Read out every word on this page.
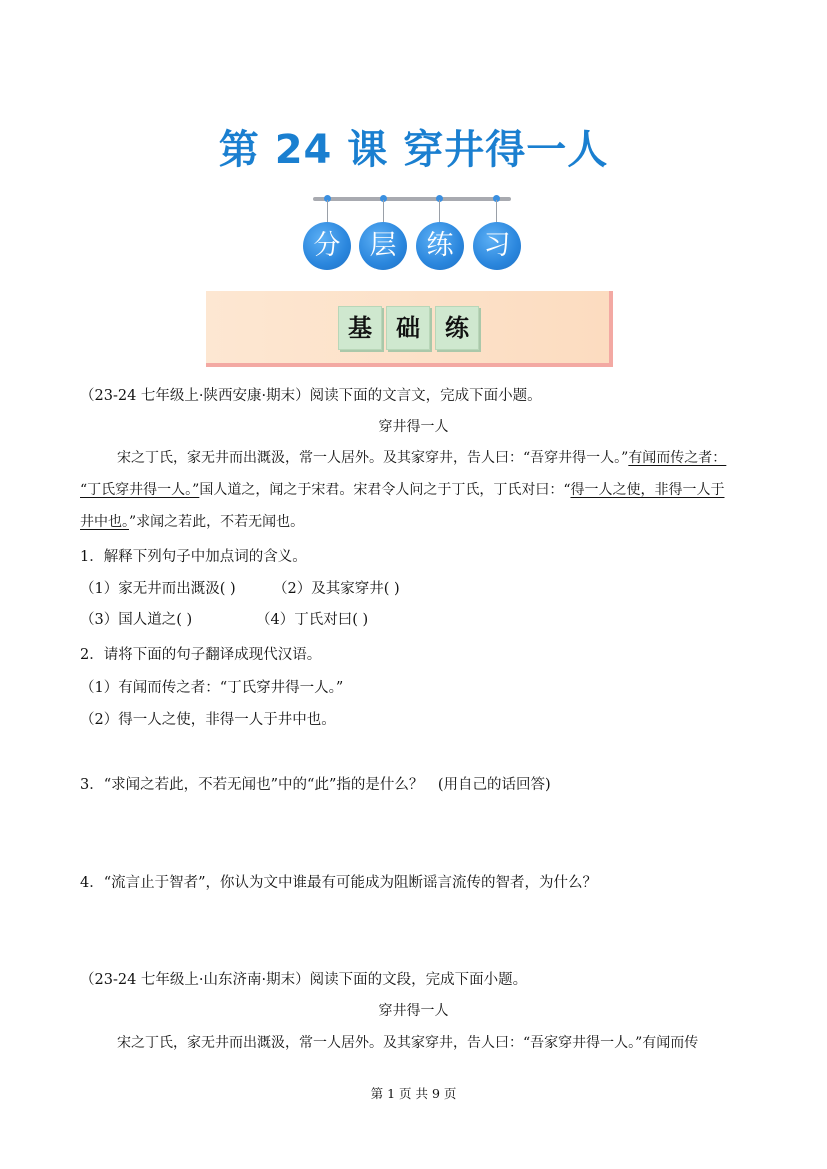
第 24 课 穿井得一人
分	层	练	习
基	础	练
（23-24 七年级上·陕西安康·期末）阅读下面的文言文，完成下面小题。
穿井得一人
宋之丁氏，家无井而出溉汲，常一人居外。及其家穿井，告人曰：“吾穿井得一人。”有闻而传之者：
“丁氏穿井得一人。”国人道之，闻之于宋君。宋君令人问之于丁氏，丁氏对曰：“得一人之使，非得一人于
井中也。”求闻之若此，不若无闻也。
1．解释下列句子中加点词的含义。
（1）家无井而出溉汲( )	（2）及其家穿井( )
（3）国人道之( )	（4）丁氏对曰( )
2．请将下面的句子翻译成现代汉语。
（1）有闻而传之者：“丁氏穿井得一人。”
（2）得一人之使，非得一人于井中也。
3．“求闻之若此，不若无闻也”中的“此”指的是什么？　(用自己的话回答)
4．“流言止于智者”，你认为文中谁最有可能成为阻断谣言流传的智者，为什么？
（23-24 七年级上·山东济南·期末）阅读下面的文段，完成下面小题。
穿井得一人
宋之丁氏，家无井而出溉汲，常一人居外。及其家穿井，告人曰：“吾家穿井得一人。”有闻而传
第 1 页 共 9 页
